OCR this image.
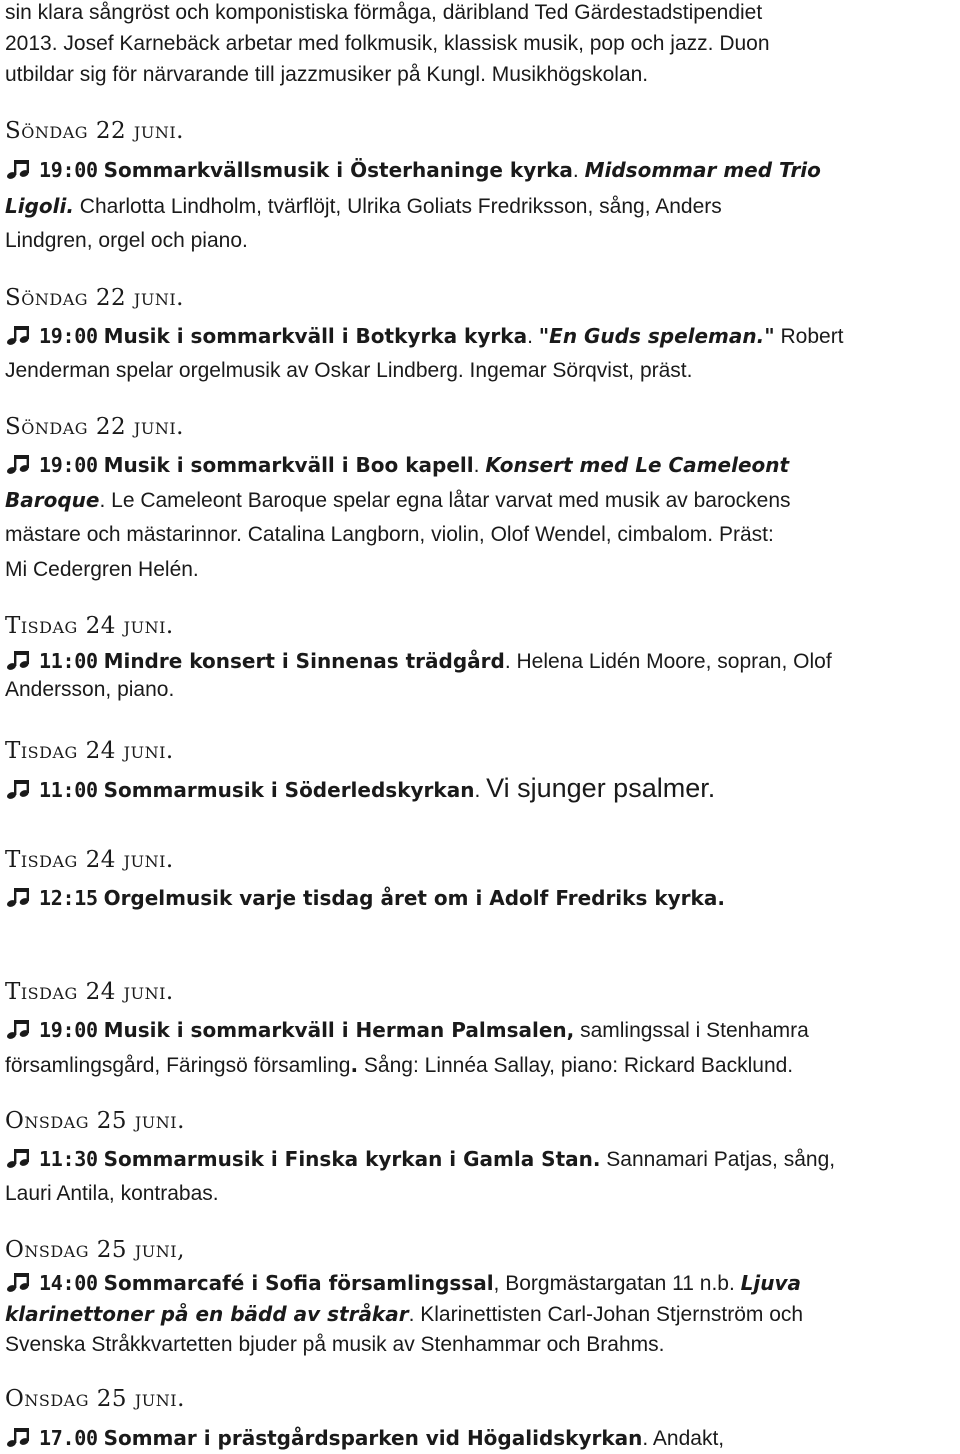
sin klara sångröst och komponistiska förmåga, däribland Ted Gärdestadstipendiet
2013. Josef Karnebäck arbetar med folkmusik, klassisk musik, pop och jazz. Duon
utbildar sig för närvarande till jazzmusiker på Kungl. Musikhögskolan.
Söndag 22 juni.
19:00 Sommarkvällsmusik i Österhaninge kyrka. Midsommar med Trio
Ligoli. Charlotta Lindholm, tvärflöjt, Ulrika Goliats Fredriksson, sång, Anders
Lindgren, orgel och piano.
Söndag 22 juni.
19:00 Musik i sommarkväll i Botkyrka kyrka. "En Guds speleman." Robert
Jenderman spelar orgelmusik av Oskar Lindberg. Ingemar Sörqvist, präst.
Söndag 22 juni.
19:00 Musik i sommarkväll i Boo kapell. Konsert med Le Cameleont
Baroque. Le Cameleont Baroque spelar egna låtar varvat med musik av barockens
mästare och mästarinnor. Catalina Langborn, violin, Olof Wendel, cimbalom. Präst:
Mi Cedergren Helén.
Tisdag 24 juni.
11:00 Mindre konsert i Sinnenas trädgård. Helena Lidén Moore, sopran, Olof
Andersson, piano.
Tisdag 24 juni.
11:00 Sommarmusik i Söderledskyrkan. Vi sjunger psalmer.
Tisdag 24 juni.
12:15 Orgelmusik varje tisdag året om i Adolf Fredriks kyrka.
Tisdag 24 juni.
19:00 Musik i sommarkväll i Herman Palmsalen, samlingssal i Stenhamra
församlingsgård, Färingsö församling. Sång: Linnéa Sallay, piano: Rickard Backlund.
Onsdag 25 juni.
11:30 Sommarmusik i Finska kyrkan i Gamla Stan. Sannamari Patjas, sång,
Lauri Antila, kontrabas.
Onsdag 25 juni,
14:00 Sommarcafé i Sofia församlingssal, Borgmästargatan 11 n.b. Ljuva
klarinettoner på en bädd av stråkar. Klarinettisten Carl-Johan Stjernström och
Svenska Stråkkvartetten bjuder på musik av Stenhammar och Brahms.
Onsdag 25 juni.
17.00 Sommar i prästgårdsparken vid Högalidskyrkan. Andakt,
